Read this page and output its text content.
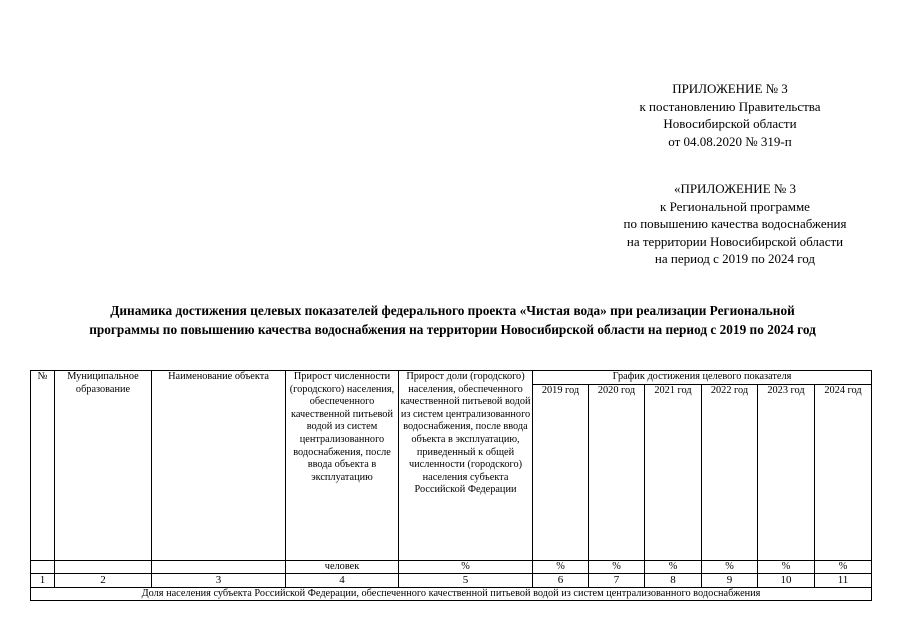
ПРИЛОЖЕНИЕ № 3
к постановлению Правительства
Новосибирской области
от 04.08.2020 № 319-п
«ПРИЛОЖЕНИЕ № 3
к Региональной программе
по повышению качества водоснабжения
на территории Новосибирской области
на период с 2019 по 2024 год
Динамика достижения целевых показателей федерального проекта «Чистая вода» при реализации Региональной
программы по повышению качества водоснабжения на территории Новосибирской области на период с 2019 по 2024 год
№	Муниципальное образование	Наименование объекта	Прирост численности (городского) населения, обеспеченного качественной питьевой водой из систем централизованного водоснабжения, после ввода объекта в эксплуатацию	Прирост доли (городского) населения, обеспеченного качественной питьевой водой из систем централизованного водоснабжения, после ввода объекта в эксплуатацию, приведенный к общей численности (городского) населения субъекта Российской Федерации	График достижения целевого показателя					
					2019 год	2020 год	2021 год	2022 год	2023 год	2024 год
			человек	%	%	%	%	%	%	%
1	2	3	4	5	6	7	8	9	10	11
Доля населения субъекта Российской Федерации, обеспеченного качественной питьевой водой из систем централизованного водоснабжения										
